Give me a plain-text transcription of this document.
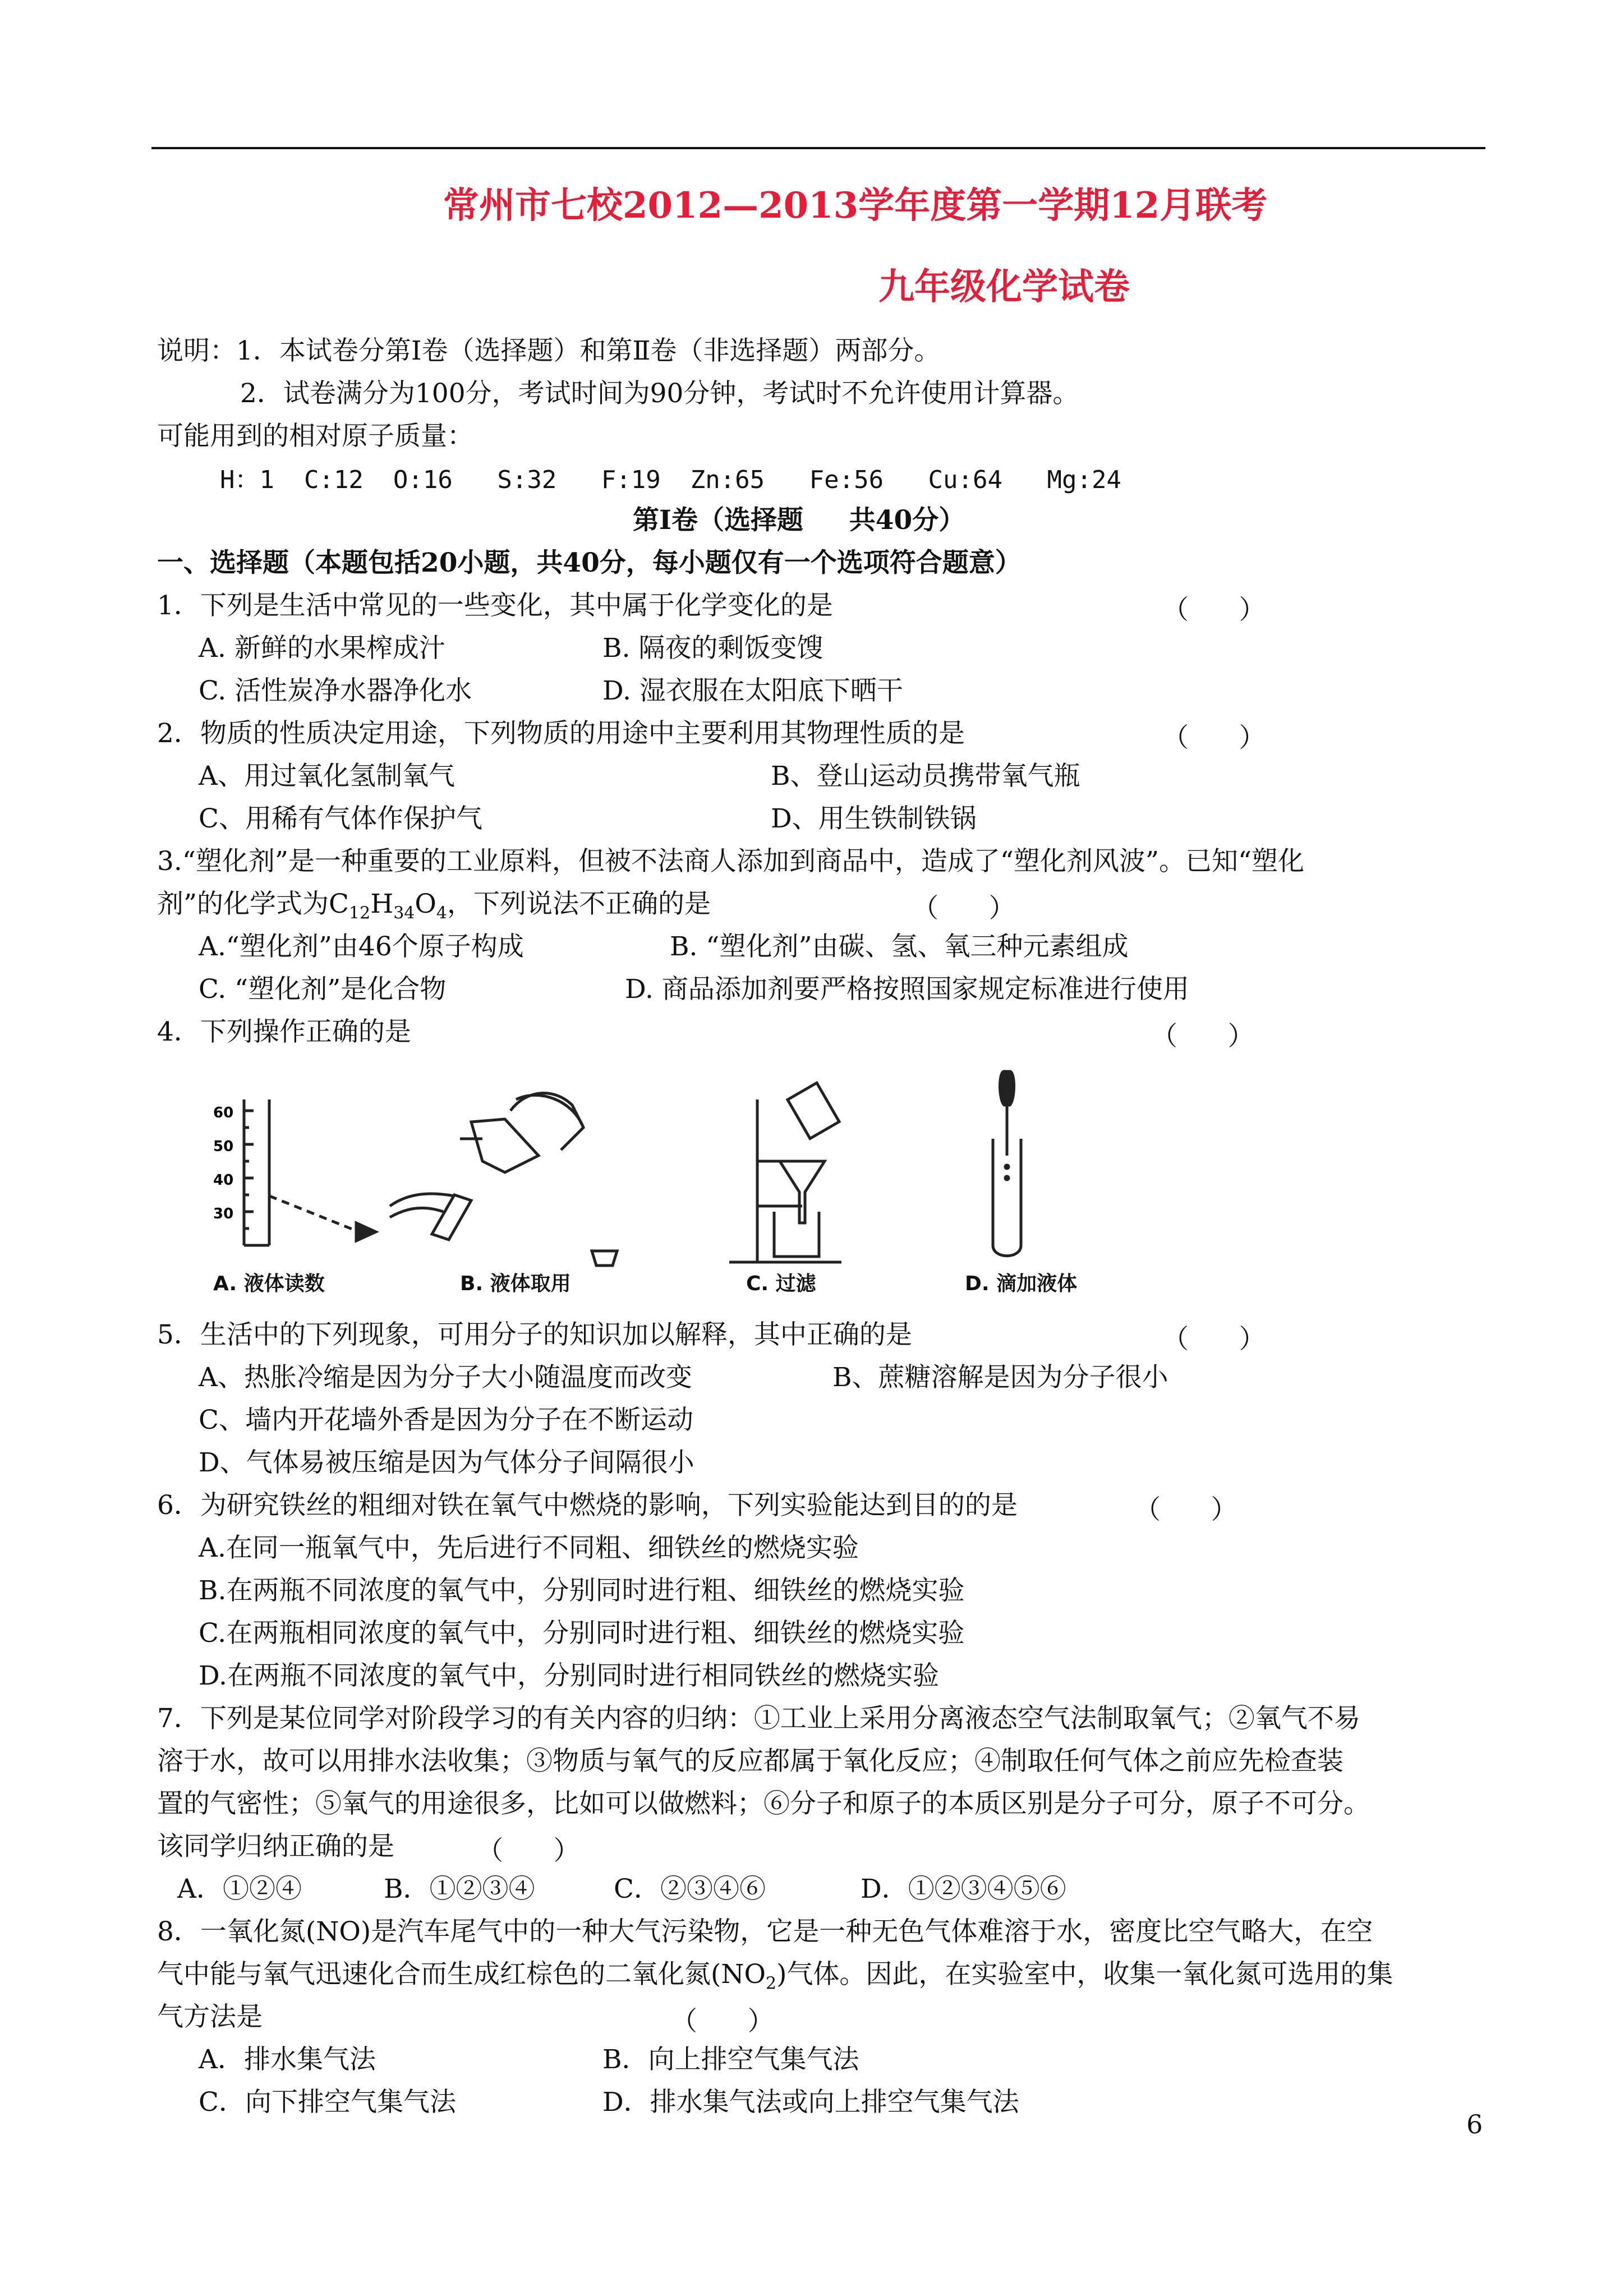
常州市七校2012—2013学年度第一学期12月联考
九年级化学试卷
说明：1．本试卷分第Ⅰ卷（选择题）和第Ⅱ卷（非选择题）两部分。
2．试卷满分为100分，考试时间为90分钟，考试时不允许使用计算器。
可能用到的相对原子质量：
H：1  C:12  O:16   S:32   F:19  Zn:65   Fe:56   Cu:64   Mg:24
第Ⅰ卷（选择题     共40分）
一、选择题（本题包括20小题，共40分，每小题仅有一个选项符合题意）
1．下列是生活中常见的一些变化，其中属于化学变化的是	（      ）
A. 新鲜的水果榨成汁	B. 隔夜的剩饭变馊
C. 活性炭净水器净化水	D. 湿衣服在太阳底下晒干
2．物质的性质决定用途，下列物质的用途中主要利用其物理性质的是	（      ）
A、用过氧化氢制氧气	B、登山运动员携带氧气瓶
C、用稀有气体作保护气	D、用生铁制铁锅
3.“塑化剂”是一种重要的工业原料，但被不法商人添加到商品中，造成了“塑化剂风波”。已知“塑化
剂”的化学式为$C_{12}H_{34}O_4$，下列说法不正确的是	（      ）
A.“塑化剂”由46个原子构成	B. “塑化剂”由碳、氢、氧三种元素组成
C. “塑化剂”是化合物	D. 商品添加剂要严格按照国家规定标准进行使用
4．下列操作正确的是	（      ）
60
50
40
30
A. 液体读数	B. 液体取用	C. 过滤	D. 滴加液体
5．生活中的下列现象，可用分子的知识加以解释，其中正确的是	（      ）
A、热胀冷缩是因为分子大小随温度而改变	B、蔗糖溶解是因为分子很小
C、墙内开花墙外香是因为分子在不断运动
D、气体易被压缩是因为气体分子间隔很小
6．为研究铁丝的粗细对铁在氧气中燃烧的影响，下列实验能达到目的的是	（      ）
A.在同一瓶氧气中，先后进行不同粗、细铁丝的燃烧实验
B.在两瓶不同浓度的氧气中，分别同时进行粗、细铁丝的燃烧实验
C.在两瓶相同浓度的氧气中，分别同时进行粗、细铁丝的燃烧实验
D.在两瓶不同浓度的氧气中，分别同时进行相同铁丝的燃烧实验
7．下列是某位同学对阶段学习的有关内容的归纳：①工业上采用分离液态空气法制取氧气；②氧气不易
溶于水，故可以用排水法收集；③物质与氧气的反应都属于氧化反应；④制取任何气体之前应先检查装
置的气密性；⑤氧气的用途很多，比如可以做燃料；⑥分子和原子的本质区别是分子可分，原子不可分。
该同学归纳正确的是	（      ）
A．①②④	B．①②③④	C．②③④⑥	D．①②③④⑤⑥
8．一氧化氮(NO)是汽车尾气中的一种大气污染物，它是一种无色气体难溶于水，密度比空气略大，在空
气中能与氧气迅速化合而生成红棕色的二氧化氮$(NO_2)$气体。因此，在实验室中，收集一氧化氮可选用的集
气方法是	（      ）
A．排水集气法	B．向上排空气集气法
C．向下排空气集气法	D．排水集气法或向上排空气集气法
6
